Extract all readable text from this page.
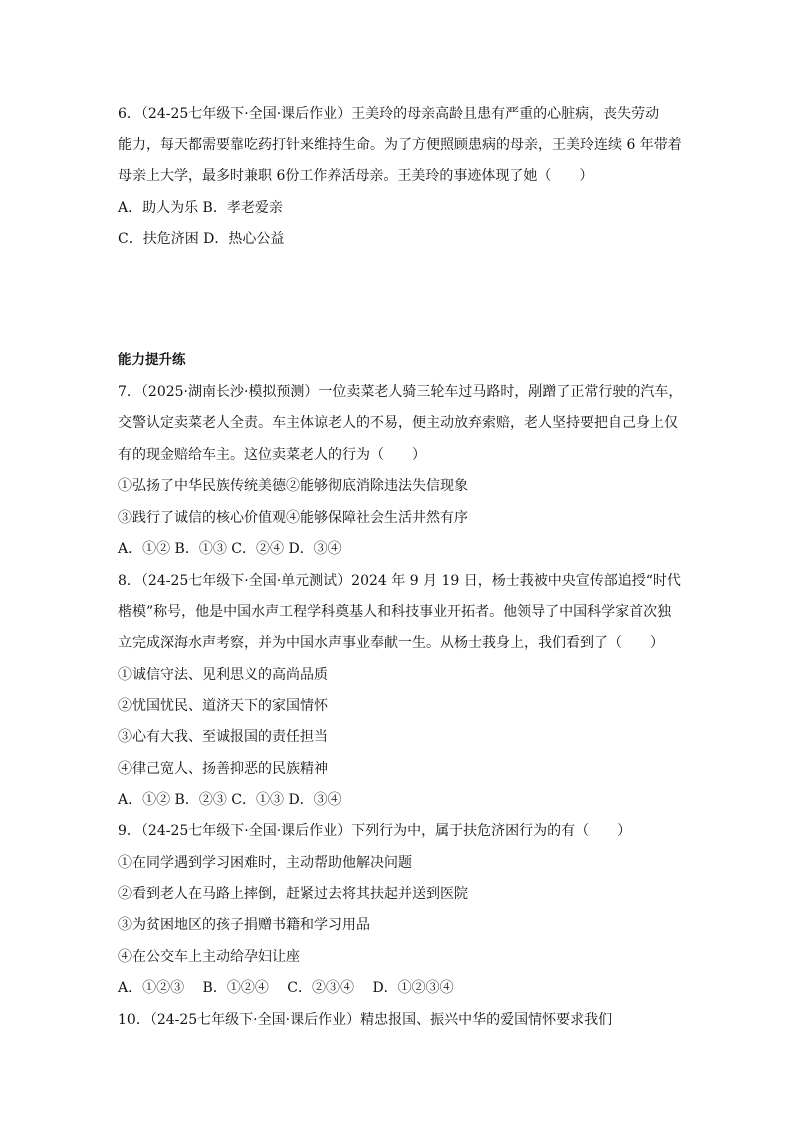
6．（24-25七年级下·全国·课后作业）王美玲的母亲高龄且患有严重的心脏病，丧失劳动
能力，每天都需要靠吃药打针来维持生命。为了方便照顾患病的母亲，王美玲连续 6 年带着
母亲上大学，最多时兼职 6份工作养活母亲。王美玲的事迹体现了她（　　）
A．助人为乐 B．孝老爱亲
C．扶危济困 D．热心公益
能力提升练
7．（2025·湖南长沙·模拟预测）一位卖菜老人骑三轮车过马路时，剐蹭了正常行驶的汽车，
交警认定卖菜老人全责。车主体谅老人的不易，便主动放弃索赔，老人坚持要把自己身上仅
有的现金赔给车主。这位卖菜老人的行为（　　）
①弘扬了中华民族传统美德②能够彻底消除违法失信现象
③践行了诚信的核心价值观④能够保障社会生活井然有序
A．①② B．①③ C．②④ D．③④
8．（24-25七年级下·全国·单元测试）2024 年 9 月 19 日，杨士莪被中央宣传部追授“时代
楷模”称号，他是中国水声工程学科奠基人和科技事业开拓者。他领导了中国科学家首次独
立完成深海水声考察，并为中国水声事业奉献一生。从杨士莪身上，我们看到了（　　）
①诚信守法、见利思义的高尚品质
②忧国忧民、道济天下的家国情怀
③心有大我、至诚报国的责任担当
④律己宽人、扬善抑恶的民族精神
A．①② B．②③ C．①③ D．③④
9．（24-25七年级下·全国·课后作业）下列行为中，属于扶危济困行为的有（　　）
①在同学遇到学习困难时，主动帮助他解决问题
②看到老人在马路上摔倒，赶紧过去将其扶起并送到医院
③为贫困地区的孩子捐赠书籍和学习用品
④在公交车上主动给孕妇让座
A．①②③　 B．①②④　 C．②③④　 D．①②③④
10．（24-25七年级下·全国·课后作业）精忠报国、振兴中华的爱国情怀要求我们
